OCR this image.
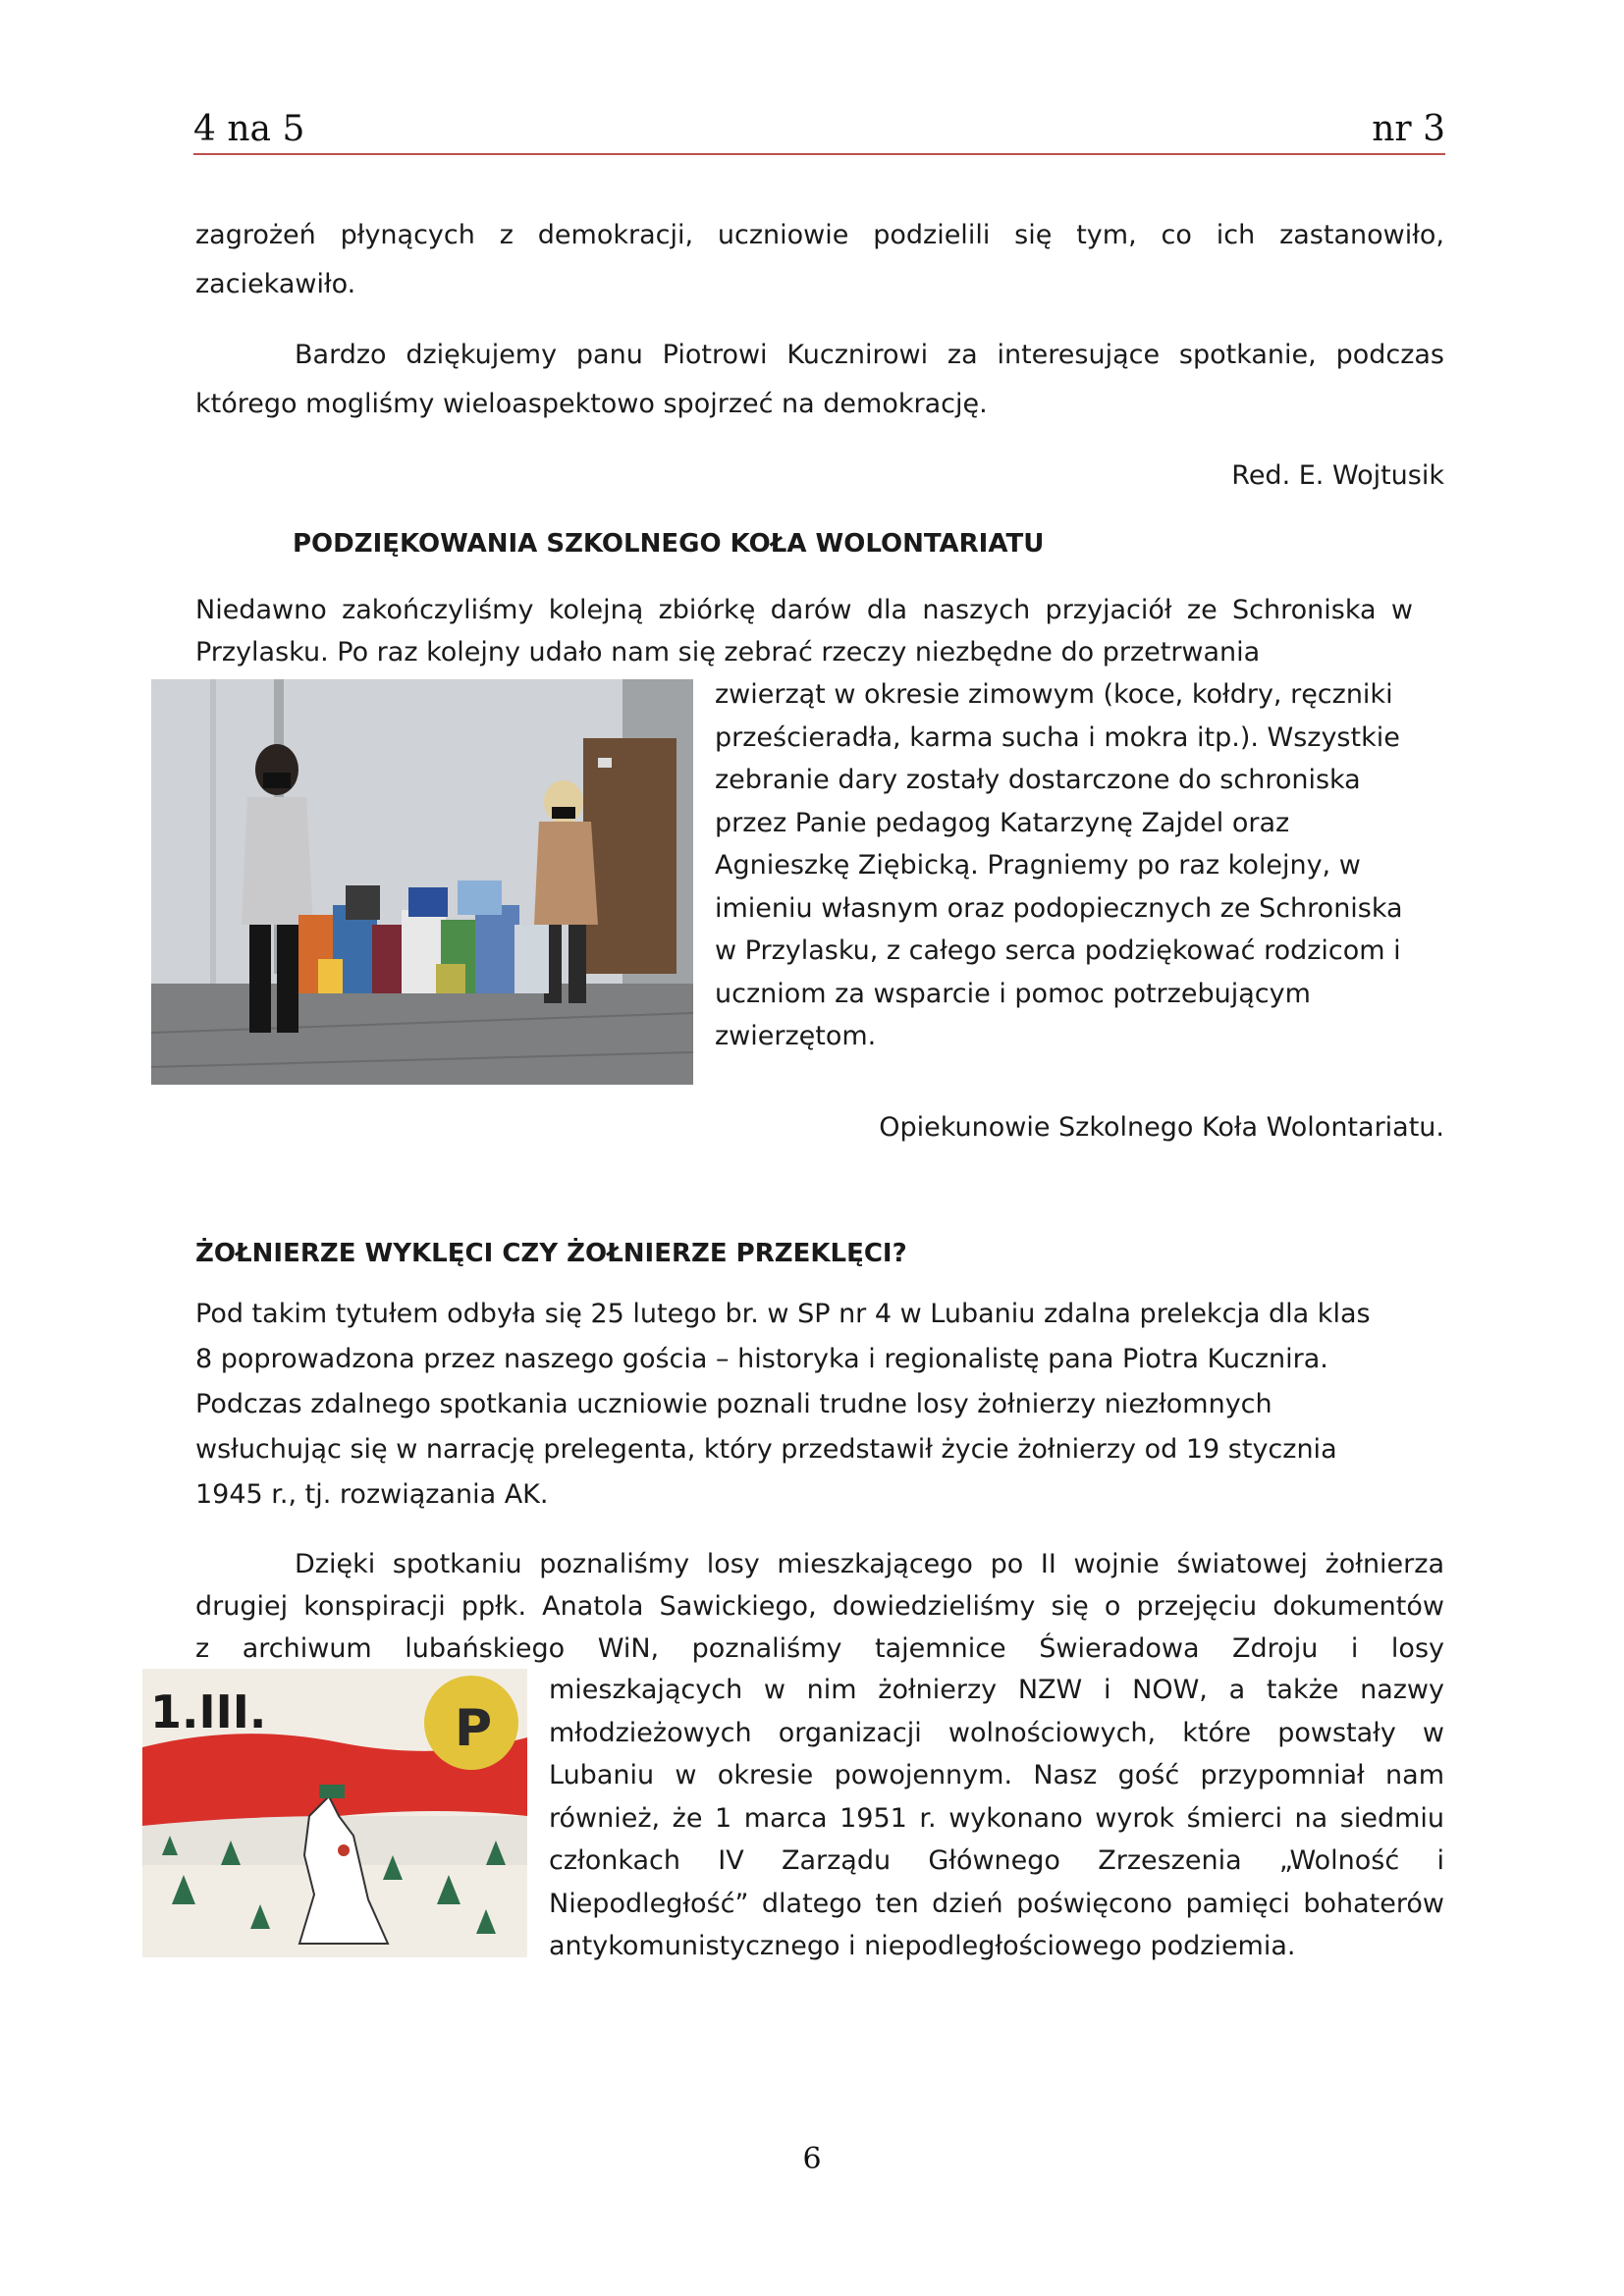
4 na 5	nr 3
zagrożeń płynących z demokracji, uczniowie podzielili się tym, co ich zastanowiło,
zaciekawiło.
Bardzo dziękujemy panu Piotrowi Kucznirowi za interesujące spotkanie, podczas
którego mogliśmy wieloaspektowo spojrzeć na demokrację.
Red. E. Wojtusik
PODZIĘKOWANIA SZKOLNEGO KOŁA WOLONTARIATU
Niedawno zakończyliśmy kolejną zbiórkę darów dla naszych przyjaciół ze Schroniska w
Przylasku. Po raz kolejny udało nam się zebrać rzeczy niezbędne do przetrwania
zwierząt w okresie zimowym (koce, kołdry, ręczniki
prześcieradła, karma sucha i mokra itp.). Wszystkie
zebranie dary zostały dostarczone do schroniska
przez Panie pedagog Katarzynę Zajdel oraz
Agnieszkę Ziębicką. Pragniemy po raz kolejny, w
imieniu własnym oraz podopiecznych ze Schroniska
w Przylasku, z całego serca podziękować rodzicom i
uczniom za wsparcie i pomoc potrzebującym
zwierzętom.
Opiekunowie Szkolnego Koła Wolontariatu.
ŻOŁNIERZE WYKLĘCI CZY ŻOŁNIERZE PRZEKLĘCI?
Pod takim tytułem odbyła się 25 lutego br. w SP nr 4 w Lubaniu zdalna prelekcja dla klas
8 poprowadzona przez naszego gościa – historyka i regionalistę pana Piotra Kucznira.
Podczas zdalnego spotkania uczniowie poznali trudne losy żołnierzy niezłomnych
wsłuchując się w narrację prelegenta, który przedstawił życie żołnierzy od 19 stycznia
1945 r., tj. rozwiązania AK.
Dzięki spotkaniu poznaliśmy losy mieszkającego po II wojnie światowej żołnierza
drugiej konspiracji ppłk. Anatola Sawickiego, dowiedzieliśmy się o przejęciu dokumentów
z archiwum lubańskiego WiN, poznaliśmy tajemnice Świeradowa Zdroju i losy
P
1.III.	mieszkających w nim żołnierzy NZW i NOW, a także nazwy
młodzieżowych organizacji wolnościowych, które powstały w
Lubaniu w okresie powojennym. Nasz gość przypomniał nam
również, że 1 marca 1951 r. wykonano wyrok śmierci na siedmiu
członkach IV Zarządu Głównego Zrzeszenia „Wolność i
Niepodległość” dlatego ten dzień poświęcono pamięci bohaterów
antykomunistycznego i niepodległościowego podziemia.
6
